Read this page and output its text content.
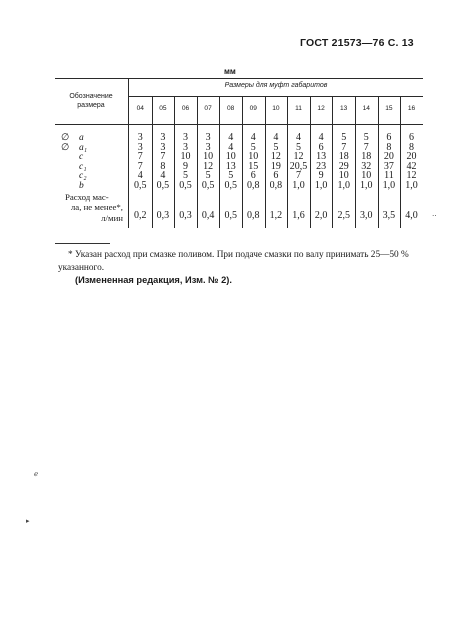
ГОСТ 21573—76 С. 13
мм
Обозначение
размера
Размеры для муфт габаритов
04	05	06	07	08	09	10	11	12	13	14	15	16
∅ a	3	3	3	3	4	4	4	4	4	5	5	6	6
∅ a₁	3	3	3	3	4	5	5	5	6	7	7	8	8
c	7	7	10	10	10	10	12	12	13	18	18	20	20
c₁	7	8	9	12	13	15	19 20,5 23	29	32	37	42
c₂	4	4	5	5	5	6	6	7	9	10	10	11	12
b	0,5	0,5	0,5	0,5	0,5	0,8	0,8	1,0	1,0	1,0	1,0	1,0	1,0
Расход мас-
ла, не менее*,
л/мин	0,2	0,3	0,3	0,4	0,5	0,8	1,2	1,6	2,0	2,5	3,0	3,5	4,0
* Указан расход при смазке поливом. При подаче смазки по валу принимать 25—50 % указанного.
(Измененная редакция, Изм. № 2).
ℯ
▸
‥
